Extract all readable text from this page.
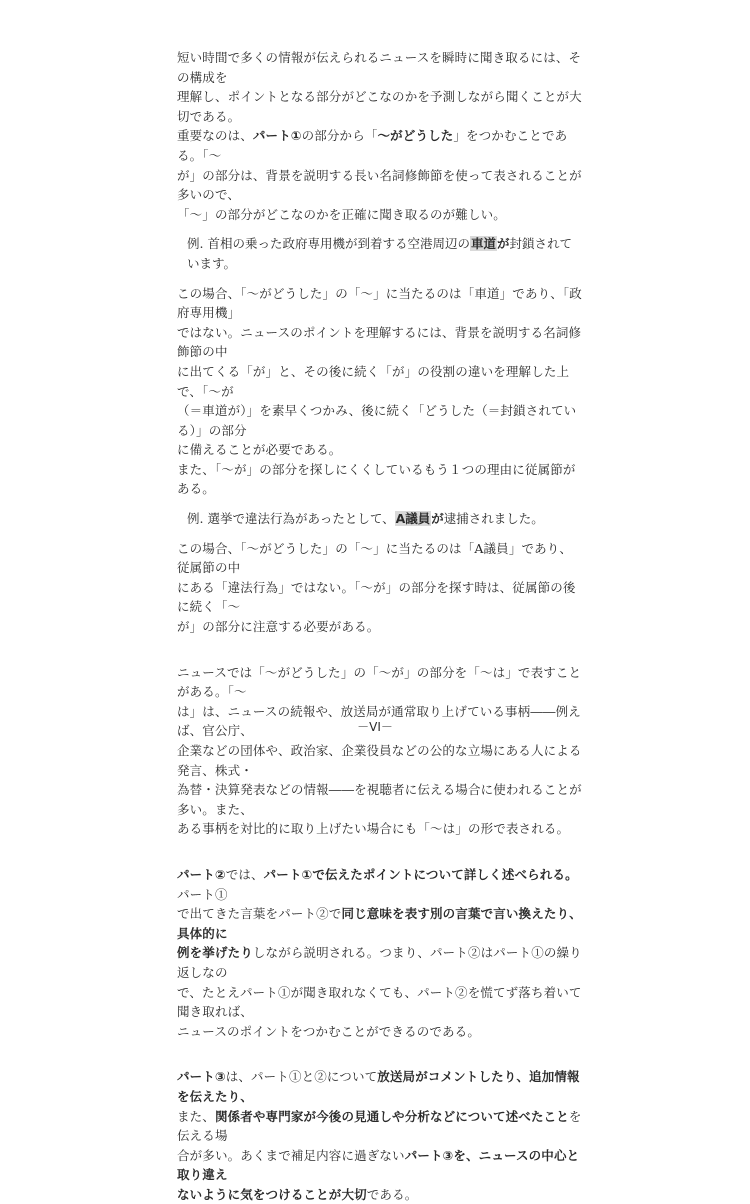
短い時間で多くの情報が伝えられるニュースを瞬時に聞き取るには、その構成を

理解し、ポイントとなる部分がどこなのかを予測しながら聞くことが大切である。

重要なのは、パート①の部分から「～がどうした」をつかむことである。「～

が」の部分は、背景を説明する長い名詞修飾節を使って表されることが多いので、

「～」の部分がどこなのかを正確に聞き取るのが難しい。

例. 首相の乗った政府専用機が到着する空港周辺の車道が封鎖されています。

この場合、「～がどうした」の「～」に当たるのは「車道」であり、「政府専用機」

ではない。ニュースのポイントを理解するには、背景を説明する名詞修飾節の中

に出てくる「が」と、その後に続く「が」の役割の違いを理解した上で、「～が

（＝車道が）」を素早くつかみ、後に続く「どうした（＝封鎖されている）」の部分

に備えることが必要である。

また、「～が」の部分を探しにくくしているもう１つの理由に従属節がある。

例. 選挙で違法行為があったとして、A議員が逮捕されました。

この場合、「～がどうした」の「～」に当たるのは「A議員」であり、従属節の中

にある「違法行為」ではない。「～が」の部分を探す時は、従属節の後に続く「～

が」の部分に注意する必要がある。

ニュースでは「～がどうした」の「～が」の部分を「～は」で表すことがある。「～

は」は、ニュースの続報や、放送局が通常取り上げている事柄――例えば、官公庁、

企業などの団体や、政治家、企業役員などの公的な立場にある人による発言、株式・

為替・決算発表などの情報――を視聴者に伝える場合に使われることが多い。また、

ある事柄を対比的に取り上げたい場合にも「～は」の形で表される。

パート②では、パート①で伝えたポイントについて詳しく述べられる。パート①

で出てきた言葉をパート②で同じ意味を表す別の言葉で言い換えたり、具体的に

例を挙げたりしながら説明される。つまり、パート②はパート①の繰り返しなの

で、たとえパート①が聞き取れなくても、パート②を慌てず落ち着いて聞き取れば、

ニュースのポイントをつかむことができるのである。

パート③は、パート①と②について放送局がコメントしたり、追加情報を伝えたり、

また、関係者や専門家が今後の見通しや分析などについて述べたことを伝える場

合が多い。あくまで補足内容に過ぎないパート③を、ニュースの中心と取り違え

ないように気をつけることが大切である。

－VI－
